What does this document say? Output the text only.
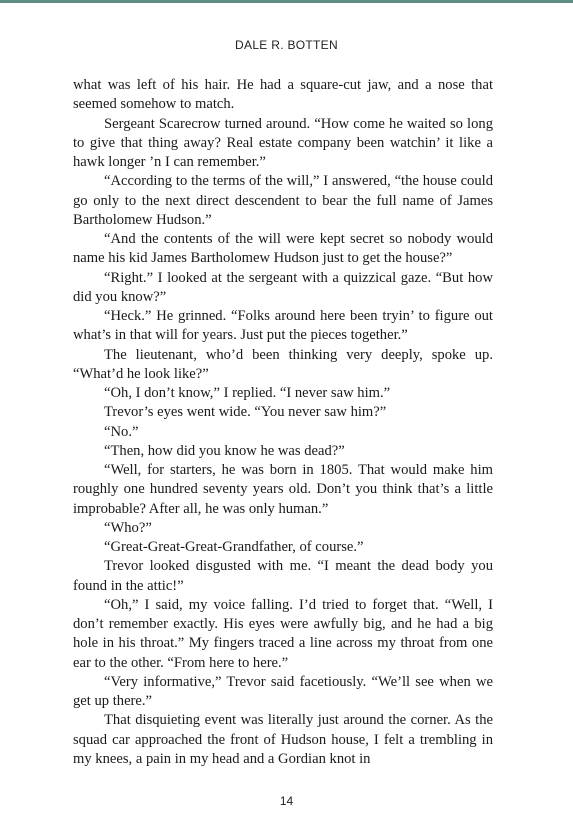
DALE R. BOTTEN

what was left of his hair. He had a square-cut jaw, and a nose that seemed somehow to match.

Sergeant Scarecrow turned around. “How come he waited so long to give that thing away? Real estate company been watchin’ it like a hawk longer ’n I can remember.”

“According to the terms of the will,” I answered, “the house could go only to the next direct descendent to bear the full name of James Bartholomew Hudson.”

“And the contents of the will were kept secret so nobody would name his kid James Bartholomew Hudson just to get the house?”

“Right.” I looked at the sergeant with a quizzical gaze. “But how did you know?”

“Heck.” He grinned. “Folks around here been tryin’ to figure out what’s in that will for years. Just put the pieces together.”

The lieutenant, who’d been thinking very deeply, spoke up. “What’d he look like?”

“Oh, I don’t know,” I replied. “I never saw him.”

Trevor’s eyes went wide. “You never saw him?”

“No.”

“Then, how did you know he was dead?”

“Well, for starters, he was born in 1805. That would make him roughly one hundred seventy years old. Don’t you think that’s a little improbable? After all, he was only human.”

“Who?”

“Great-Great-Great-Grandfather, of course.”

Trevor looked disgusted with me. “I meant the dead body you found in the attic!”

“Oh,” I said, my voice falling. I’d tried to forget that. “Well, I don’t remember exactly. His eyes were awfully big, and he had a big hole in his throat.” My fingers traced a line across my throat from one ear to the other. “From here to here.”

“Very informative,” Trevor said facetiously. “We’ll see when we get up there.”

That disquieting event was literally just around the corner. As the squad car approached the front of Hudson house, I felt a trembling in my knees, a pain in my head and a Gordian knot in

14
